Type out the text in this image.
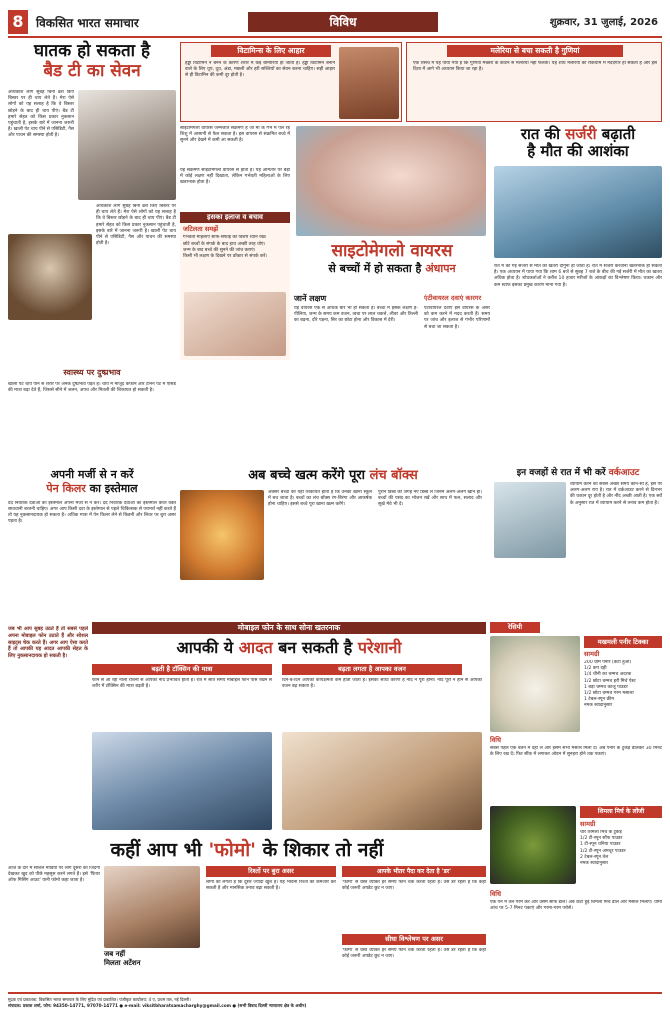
8	विकसित भारत समाचार	विविध	शुक्रवार, 31 जुलाई, 2026
घातक हो सकता है
बैड टी का सेवन
अधिकांश लोग सुबह बिना ब्रश किए बिस्तर पर ही चाय लेते हैं। मेरा ऐसे लोगों को यह सलाह है कि वे बिस्तर छोड़ने के बाद ही चाय पीएं। बैड टी हमारे सेहत को किस प्रकार नुकसान पहुंचाती है, इसके बारे में जानना जरूरी है। खाली पेट चाय पीने से एसिडिटी, गैस और पाचन की समस्या होती है।
अधिकांश लोग सुबह बिना ब्रश किए बिस्तर पर ही चाय लेते हैं। मेरा ऐसे लोगों को यह सलाह है कि वे बिस्तर छोड़ने के बाद ही चाय पीएं। बैड टी हमारे सेहत को किस प्रकार नुकसान पहुंचाती है, इसके बारे में जानना जरूरी है। खाली पेट चाय पीने से एसिडिटी, गैस और पाचन की समस्या होती है।
स्वास्थ्य पर दुष्प्रभाव
खाली पेट चाय पीने से शरीर पर अनेक दुष्प्रभाव पड़ते हैं। चाय में मौजूद कैफीन और टैनिन पेट में एसिड की मात्रा बढ़ा देते हैं, जिससे सीने में जलन, अपच और मितली की शिकायत हो सकती है।
विटामिन्स के लिए आहार
हड्डी विटामिन न बनने के कारण शरीर में कई बीमारियां हो जाती हैं। हड्डी विटामिन बनाने वाले के लिए धूप, दूध, अंडा, मछली और हरी सब्जियों का सेवन करना चाहिए। सही आहार से ही विटामिन की कमी दूर होती है।
मलेरिया से बचा सकती है गुणियां
एक रिसर्च में यह पाया गया है कि गुणियां मच्छरों के काटने से मलेरिया नहीं फैलता। यह शोध मलेरिया की रोकथाम में मददगार हो सकता है और इस दिशा में आगे भी अध्ययन किया जा रहा है।
साइटोमेगलो वायरस जन्मजात संक्रमण है जो मां के गर्भ में पल रहे शिशु में आसानी से फैल सकता है। इस वायरस से संक्रमित बच्चे में सुनने और देखने में कमी आ सकती है।
यह संक्रमण साइटोमेगलो वायरस से होता है। यह आमतौर पर बड़ों में कोई लक्षण नहीं दिखाता, लेकिन गर्भवती महिलाओं के लिए खतरनाक होता है।
इसका इलाज व बचाव
जटिलता समझें
गर्भवती महिलाएं साफ-सफाई का विशेष ध्यान रखें।
छोटे बच्चों के संपर्क के बाद हाथ अच्छी तरह धोएं।
जन्म के बाद बच्चे की सुनने की जांच कराएं।
किसी भी लक्षण के दिखने पर डॉक्टर से संपर्क करें।	साइटोमेगलो वायरस
से बच्चों में हो सकता है अंधापन
जानें लक्षण
यह वायरस एक से अधिक बार भी हो सकता है। बच्चों में इसके लक्षण हैं- पीलिया, जन्म के समय कम वजन, त्वचा पर लाल चकत्ते, लीवर और तिल्ली का बढ़ना, दौरे पड़ना, सिर का छोटा होना और विकास में देरी।
एंटीवायरल दवाएं कारगर
एंटीवायरल दवाएं इस वायरस के असर को कम करने में मदद करती हैं। समय पर जांच और इलाज से गंभीर परिणामों से बचा जा सकता है।
रात की सर्जरी बढ़ाती
है मौत की आशंका
रात में की गई सर्जरी से मौत का खतरा दोगुना हो जाता है। रात में सर्जरी करवाना खतरनाक हो सकता है। एक अध्ययन में पाया गया कि शाम 6 बजे से सुबह 7 बजे के बीच की गई सर्जरी में मौत का खतरा अधिक होता है। शोधकर्ताओं ने करीब 10 हजार मरीजों के आंकड़ों का विश्लेषण किया। थकान और कम स्टाफ इसका प्रमुख कारण माना गया है।
अपनी मर्जी से न करें
पेन किलर का इस्तेमाल
दर्द निवारक दवाओं का इस्तेमाल अपनी मर्जी से न करें। दर्द निवारक दवाओं का इस्तेमाल करते वक्त सावधानी बरतनी चाहिए। अगर आप किसी दवा के इस्तेमाल से पहले चिकित्सक से परामर्श नहीं करते हैं तो यह नुकसानदायक हो सकता है। अधिक मात्रा में पेन किलर लेने से किडनी और लिवर पर बुरा असर पड़ता है।
अब बच्चे खत्म करेंगे पूरा लंच बॉक्स
अक्सर बच्चों की यही शिकायत होती है कि उनका खाना स्कूल में बच जाता है। बच्चों का लंच बॉक्स रंग-बिरंगा और आकर्षक होना चाहिए। इससे बच्चे पूरा खाना खत्म करेंगे।
पुराने डिब्बे की जगह नए डिब्बे लें जिनमें अलग-अलग खाने हों। बच्चों की पसंद का भोजन रखें और साथ में फल, सलाद और सूखे मेवे भी दें।
इन वजहों से रात में भी करें वर्कआउट
व्यायाम करने का सबसे अच्छा समय कौन-सा है, इस पर अलग-अलग राय है। रात में वर्कआउट करने से दिनभर की थकान दूर होती है और नींद अच्छी आती है। एक सर्वे के अनुसार रात में व्यायाम करने से तनाव कम होता है।
जब भी आप सुबह उठते हैं तो सबसे पहले अपना मोबाइल फोन उठाते हैं और सोशल साइट्स चेक करते हैं। अगर आप ऐसा करते हैं तो आपकी यह आदत आपकी सेहत के लिए नुकसानदायक हो सकती है।
मोबाइल फोन के साथ सोना खतरनाक
आपकी ये आदत बन सकती है परेशानी
बढ़ती है टॉक्सिन की मात्रा	बढ़ता लगता है आपका वजन
फोन से आ रही नीली रोशनी से आपकी नींद प्रभावित होती है। रात में सोते समय मोबाइल फोन पास रखने से शरीर में टॉक्सिन की मात्रा बढ़ती है।
दिन-ब-दिन आपकी कार्यक्षमता कम होती जाती है। इसका सीधा कारण है नींद न पूरी होना। नींद पूरी न होने से आपका वजन बढ़ सकता है।
रेसिपी
मखमली पनीर टिक्का
सामग्री
200 ग्राम पनीर (कटा हुआ)
1/2 कप दही
1/4 चीनी का चम्मच अदरक
1/2 छोटा चम्मच हरी मिर्च पेस्ट
1 बड़ा चम्मच काजू पाउडर
1/2 छोटा चम्मच गरम मसाला
1 टेबल-स्पून क्रीम
नमक स्वादानुसार
विधि
सबसे पहले एक बर्तन में दही लें और इसमें सभी मसाले मिला दें। अब पनीर के टुकड़े डालकर 30 मिनट के लिए रख दें। फिर सींक में लगाकर ओवन में सुनहरा होने तक पकाएं।
शिमला मिर्च के लोंजी
सामग्री
चार शिमला मिर्च के टुकड़े
1/2 टी-स्पून सौंफ पाउडर
1 टी-स्पून धनिया पाउडर
1/2 टी-स्पून अमचूर पाउडर
2 टेबल-स्पून तेल
नमक स्वादानुसार
विधि
एक पैन में तेल गरम करें और उसमें सौंफ डालें। अब कटी हुई शिमला मिर्च डालें और मसाले मिलाएं। धीमी आंच पर 5-7 मिनट पकाएं और गरमा-गरम परोसें।
कहीं आप भी 'फोमो' के शिकार तो नहीं
आज के दौर में सोशल मीडिया पर लोग दूसरों की जिंदगी देखकर खुद को पीछे महसूस करने लगते हैं। इसे 'फियर ऑफ मिसिंग आउट' यानी फोमो कहा जाता है।
जब नहीं मिलता अटेंशन
रिश्तों पर बुरा असर
लोगों को लगता है कि दूसरे ज्यादा खुश हैं। यह भावना रिश्तों को कमजोर कर सकती है और मानसिक तनाव बढ़ा सकती है।
आपके भीतर पैदा कर देता है 'डर'
'फोमो' से ग्रस्त व्यक्ति हर समय फोन चेक करता रहता है। उसे डर रहता है कि कहीं कोई जरूरी अपडेट छूट न जाए।
सीधा विश्लेषण पर असर
'फोमो' से ग्रस्त व्यक्ति हर समय फोन चेक करता रहता है। उसे डर रहता है कि कहीं कोई जरूरी अपडेट छूट न जाए।
मुद्रक एवं प्रकाशक: विकसित भारत समाचार के लिए मुद्रित एवं प्रकाशित। पंजीकृत कार्यालय: 4 ए, प्रथम तल, नई दिल्ली।
संपादक: प्रकाश शर्मा, फोन: 94350-14771, 97070-14771 ● e-mail: viksitbharatsamacharghy@gmail.com ● (सभी विवाद दिल्ली न्यायालय क्षेत्र के अधीन)
